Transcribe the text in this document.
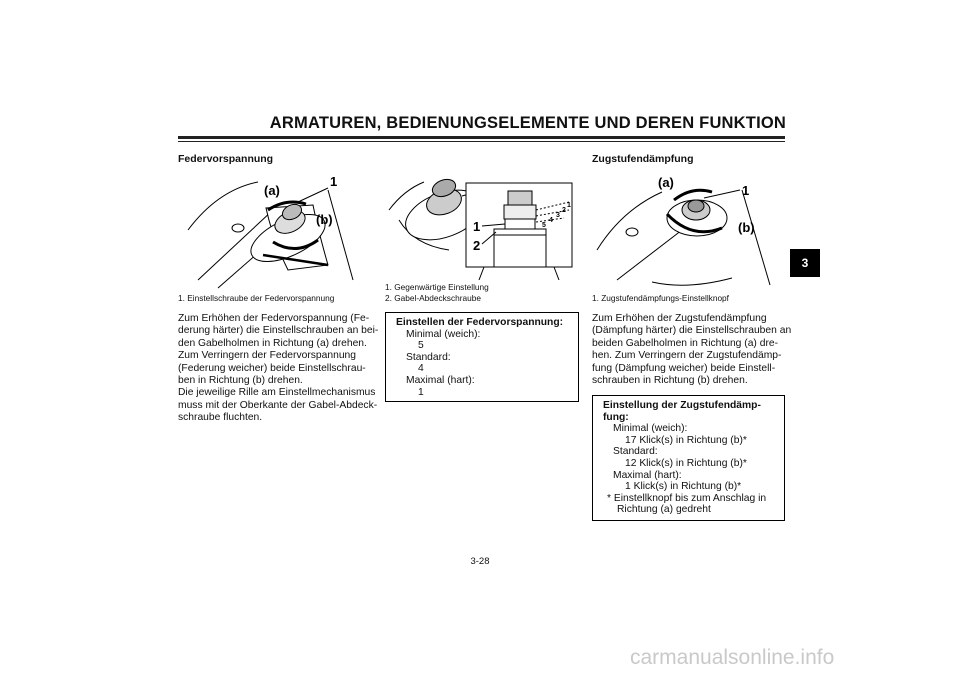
ARMATUREN, BEDIENUNGSELEMENTE UND DEREN FUNKTION
3
Federvorspannung
(a)
(b)
1
1. Einstellschraube der Federvorspannung
Zum Erhöhen der Federvorspannung (Fe-
derung härter) die Einstellschrauben an bei-
den Gabelholmen in Richtung (a) drehen.
Zum Verringern der Federvorspannung
(Federung weicher) beide Einstellschrau-
ben in Richtung (b) drehen.
Die jeweilige Rille am Einstellmechanismus
muss mit der Oberkante der Gabel-Abdeck-
schraube fluchten.
5
4
3
2
1
1
2
1. Gegenwärtige Einstellung
2. Gabel-Abdeckschraube
Einstellen der Federvorspannung:
Minimal (weich):
5
Standard:
4
Maximal (hart):
1
Zugstufendämpfung
(a)
(b)
1
1. Zugstufendämpfungs-Einstellknopf
Zum Erhöhen der Zugstufendämpfung
(Dämpfung härter) die Einstellschrauben an
beiden Gabelholmen in Richtung (a) dre-
hen. Zum Verringern der Zugstufendämp-
fung (Dämpfung weicher) beide Einstell-
schrauben in Richtung (b) drehen.
Einstellung der Zugstufendämp-
fung:
Minimal (weich):
17 Klick(s) in Richtung (b)*
Standard:
12 Klick(s) in Richtung (b)*
Maximal (hart):
1 Klick(s) in Richtung (b)*
* Einstellknopf bis zum Anschlag in
Richtung (a) gedreht
3-28
carmanualsonline.info
